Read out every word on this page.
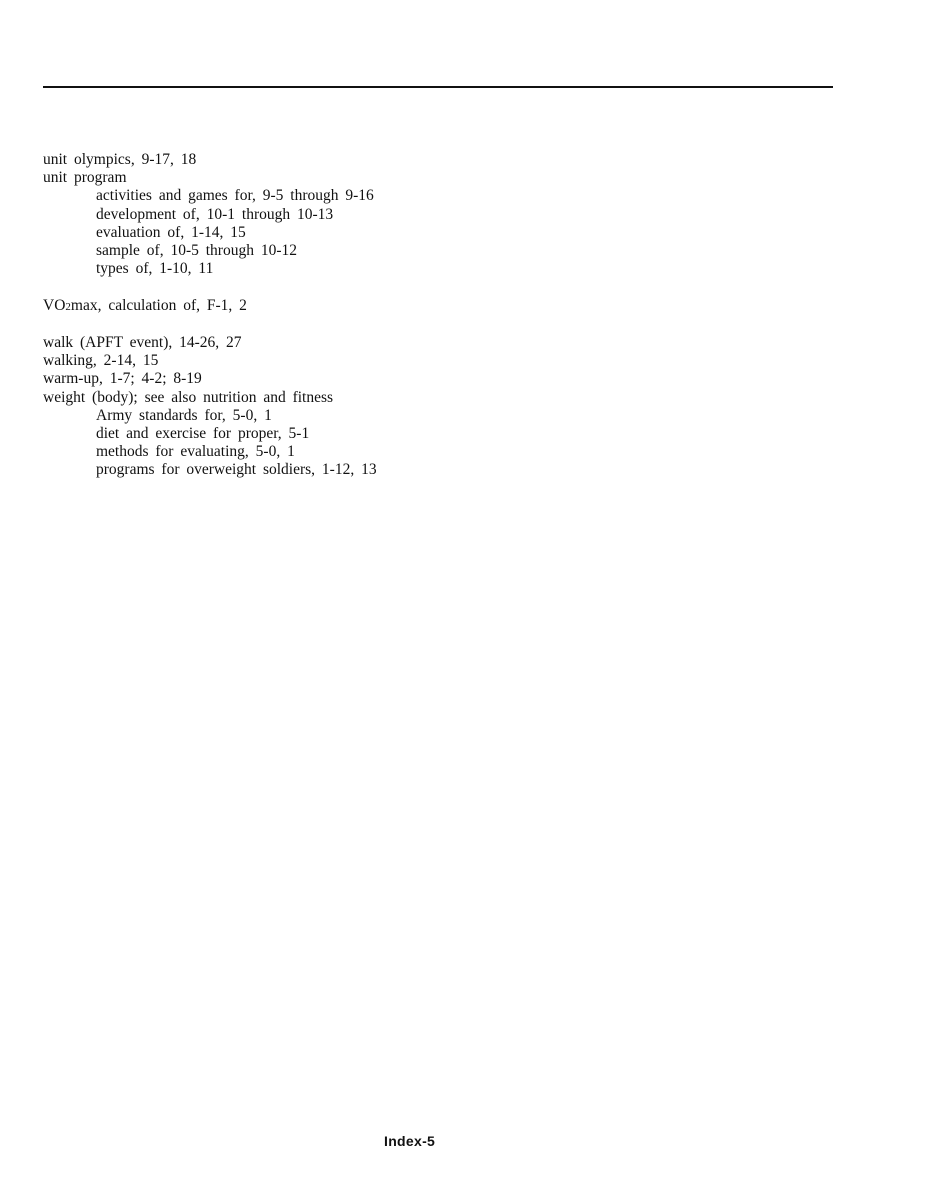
unit olympics, 9-17, 18
unit program
activities and games for, 9-5 through 9-16
development of, 10-1 through 10-13
evaluation of, 1-14, 15
sample of, 10-5 through 10-12
types of, 1-10, 11
VO2max, calculation of, F-1, 2
walk (APFT event), 14-26, 27
walking, 2-14, 15
warm-up, 1-7; 4-2; 8-19
weight (body); see also nutrition and fitness
Army standards for, 5-0, 1
diet and exercise for proper, 5-1
methods for evaluating, 5-0, 1
programs for overweight soldiers, 1-12, 13
Index-5
